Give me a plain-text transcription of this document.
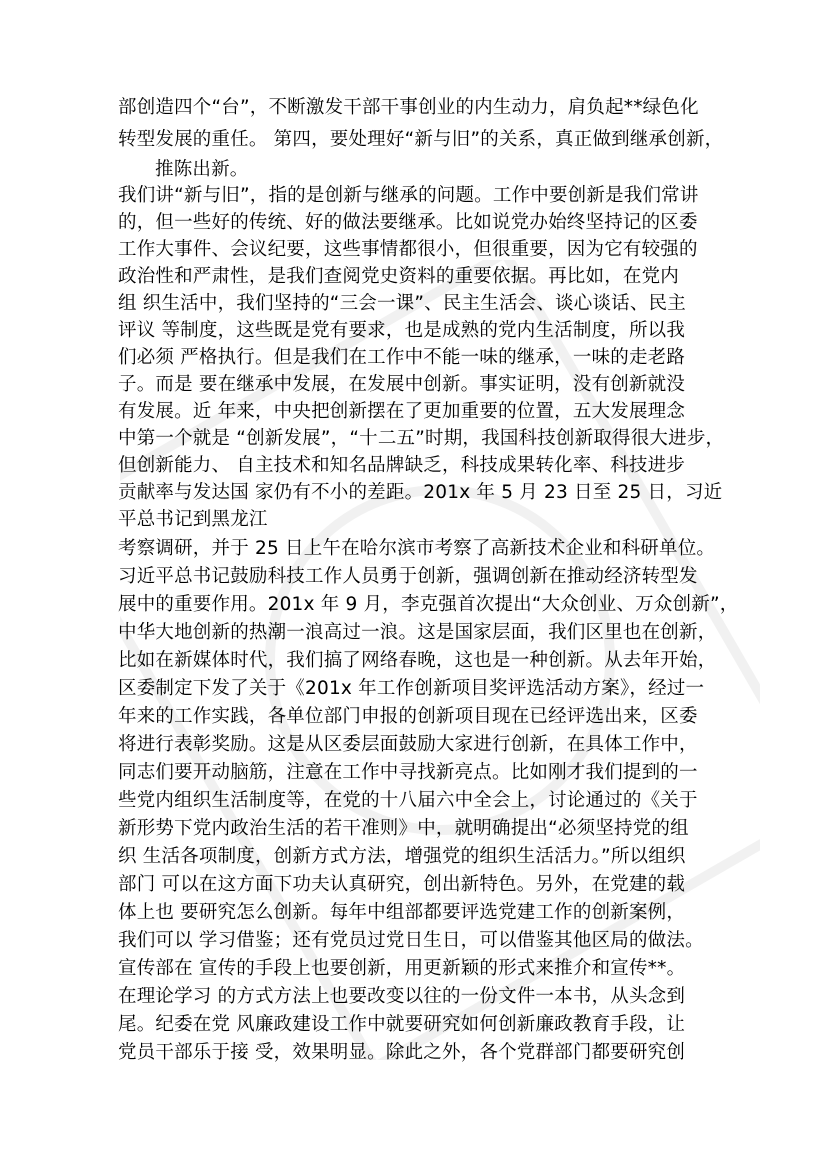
部创造四个“台”，不断激发干部干事创业的内生动力，肩负起**绿色化
转型发展的重任。 第四，要处理好“新与旧”的关系，真正做到继承创新，
推陈出新。
我们讲“新与旧”，指的是创新与继承的问题。工作中要创新是我们常讲
的，但一些好的传统、好的做法要继承。比如说党办始终坚持记的区委
工作大事件、会议纪要，这些事情都很小，但很重要，因为它有较强的
政治性和严肃性，是我们查阅党史资料的重要依据。再比如，在党内
组 织生活中，我们坚持的“三会一课”、民主生活会、谈心谈话、民主
评议 等制度，这些既是党有要求，也是成熟的党内生活制度，所以我
们必须 严格执行。但是我们在工作中不能一味的继承，一味的走老路
子。而是 要在继承中发展，在发展中创新。事实证明，没有创新就没
有发展。近 年来，中央把创新摆在了更加重要的位置，五大发展理念
中第一个就是 “创新发展”，“十二五”时期，我国科技创新取得很大进步，
但创新能力、 自主技术和知名品牌缺乏，科技成果转化率、科技进步
贡献率与发达国 家仍有不小的差距。201x 年 5 月 23 日至 25 日，习近
平总书记到黑龙江
考察调研，并于 25 日上午在哈尔滨市考察了高新技术企业和科研单位。
习近平总书记鼓励科技工作人员勇于创新，强调创新在推动经济转型发
展中的重要作用。201x 年 9 月，李克强首次提出“大众创业、万众创新”，
中华大地创新的热潮一浪高过一浪。这是国家层面，我们区里也在创新，
比如在新媒体时代，我们搞了网络春晚，这也是一种创新。从去年开始，
区委制定下发了关于《201x 年工作创新项目奖评选活动方案》，经过一
年来的工作实践，各单位部门申报的创新项目现在已经评选出来，区委
将进行表彰奖励。这是从区委层面鼓励大家进行创新，在具体工作中，
同志们要开动脑筋，注意在工作中寻找新亮点。比如刚才我们提到的一
些党内组织生活制度等，在党的十八届六中全会上，讨论通过的《关于
新形势下党内政治生活的若干准则》中，就明确提出“必须坚持党的组
织 生活各项制度，创新方式方法，增强党的组织生活活力。”所以组织
部门 可以在这方面下功夫认真研究，创出新特色。另外，在党建的载
体上也 要研究怎么创新。每年中组部都要评选党建工作的创新案例，
我们可以 学习借鉴；还有党员过党日生日，可以借鉴其他区局的做法。
宣传部在 宣传的手段上也要创新，用更新颖的形式来推介和宣传**。
在理论学习 的方式方法上也要改变以往的一份文件一本书，从头念到
尾。纪委在党 风廉政建设工作中就要研究如何创新廉政教育手段，让
党员干部乐于接 受，效果明显。除此之外，各个党群部门都要研究创
